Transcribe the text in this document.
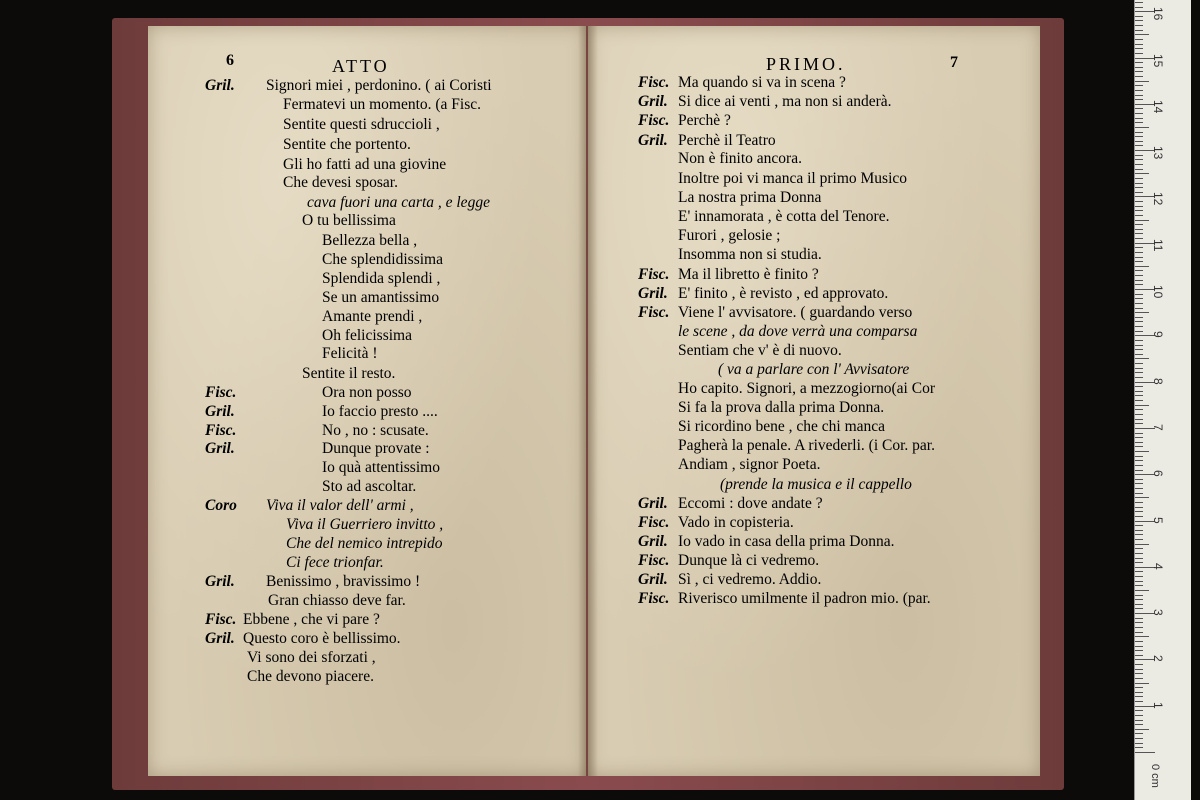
6	ATTO	PRIMO.	7
Gril. Signori miei , perdonino. ( ai Coristi
Fermatevi un momento. (a Fisc.
Sentite questi sdruccioli ,
Sentite che portento.
Gli ho fatti ad una giovine
Che devesi sposar.
cava fuori una carta , e legge
O tu bellissima
Bellezza bella ,
Che splendidissima
Splendida splendi ,
Se un amantissimo
Amante prendi ,
Oh felicissima
Felicità !
Sentite il resto.
Fisc.	Ora non posso
Gril.	Io faccio presto ....
Fisc.	No , no : scusate.
Gril.	Dunque provate :
Io quà attentissimo
Sto ad ascoltar.
Coro Viva il valor dell' armi ,
Viva il Guerriero invitto ,
Che del nemico intrepido
Ci fece trionfar.
Gril. Benissimo , bravissimo !
Gran chiasso deve far.
Fisc. Ebbene , che vi pare ?
Gril. Questo coro è bellissimo.
Vi sono dei sforzati ,
Che devono piacere.
Fisc. Ma quando si va in scena ?
Gril. Si dice ai venti , ma non si anderà.
Fisc. Perchè ?
Gril. Perchè il Teatro
Non è finito ancora.
Inoltre poi vi manca il primo Musico
La nostra prima Donna
E' innamorata , è cotta del Tenore.
Furori , gelosie ;
Insomma non si studia.
Fisc. Ma il libretto è finito ?
Gril. E' finito , è revisto , ed approvato.
Fisc. Viene l' avvisatore. ( guardando verso
le scene , da dove verrà una comparsa
Sentiam che v' è di nuovo.
( va a parlare con l' Avvisatore
Ho capito. Signori, a mezzogiorno(ai Cor
Si fa la prova dalla prima Donna.
Si ricordino bene , che chi manca
Pagherà la penale. A rivederli. (i Cor. par.
Andiam , signor Poeta.
(prende la musica e il cappello
Gril. Eccomi : dove andate ?
Fisc. Vado in copisteria.
Gril. Io vado in casa della prima Donna.
Fisc. Dunque là ci vedremo.
Gril. Sì , ci vedremo. Addio.
Fisc. Riverisco umilmente il padron mio. (par.
0 cm
1
2
3
4
5
6
7
8
9
10
11
12
13
14
15
16
